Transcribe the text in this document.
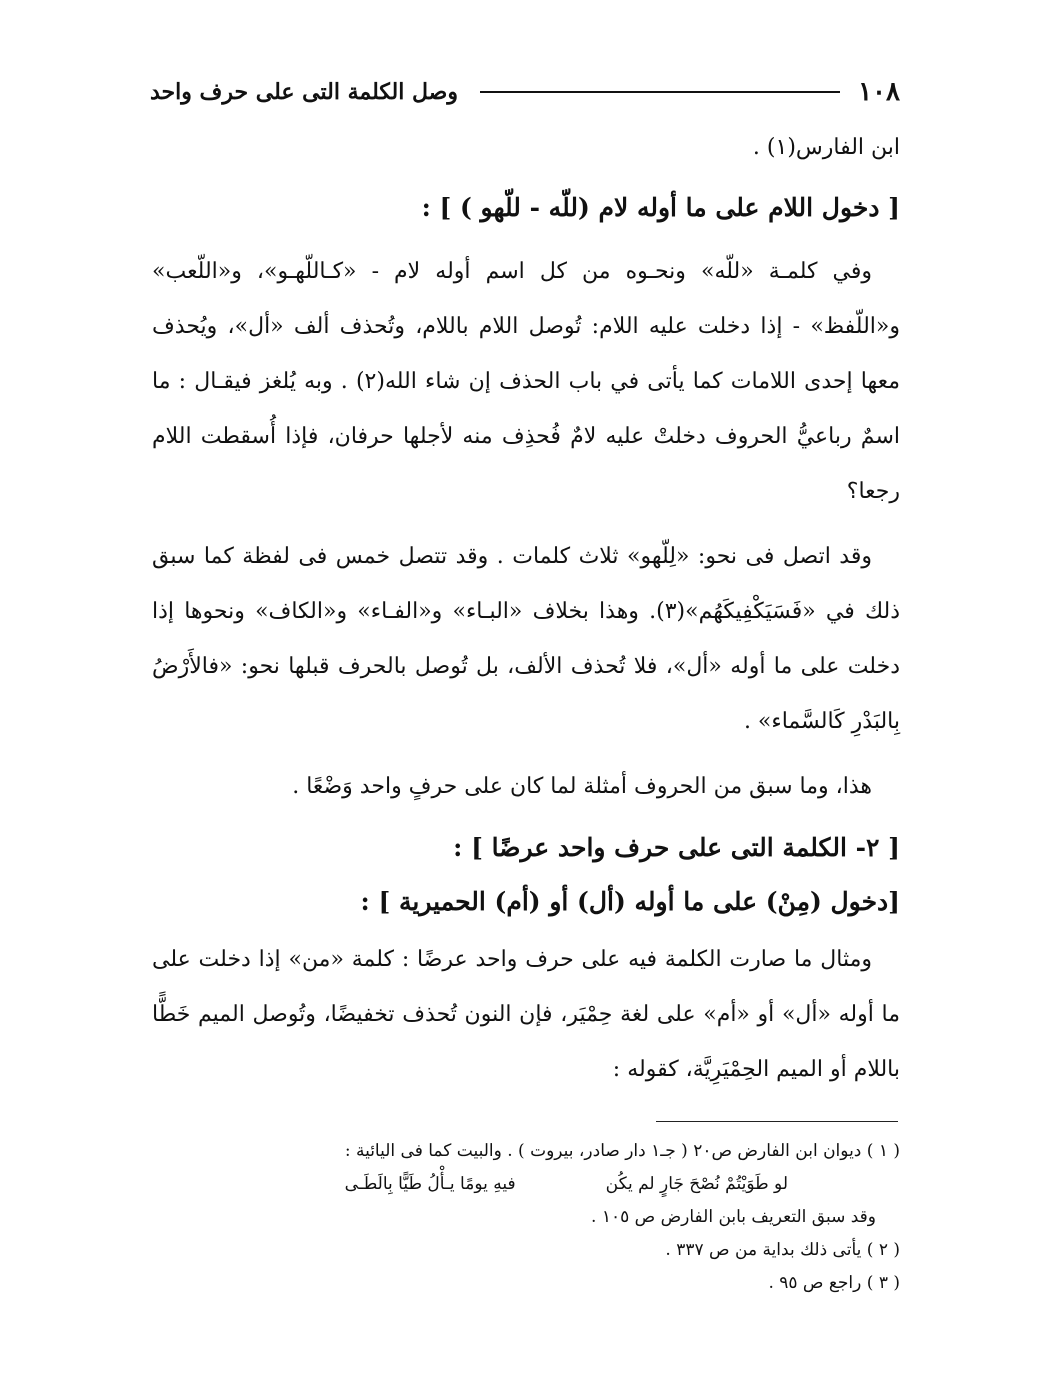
١٠٨
وصل الكلمة التى على حرف واحد

ابن الفارس(١) .

[ دخول اللام على ما أوله لام (للّه - للّهو ) ] :

وفي كلمـة «للّه» ونحـوه من كل اسم أوله لام - «كـاللّهـو»، و«اللّعب» و«اللّفظ» - إذا دخلت عليه اللام: تُوصل اللام باللام، وتُحذف ألف «أل»، ويُحذف معها إحدى اللامات كما يأتى في باب الحذف إن شاء الله(٢) . وبه يُلغز فيقـال : ما اسمٌ رباعيُّ الحروف دخلتْ عليه لامٌ فُحذِف منه لأجلها حرفان، فإذا أُسقطت اللام رجعا؟

وقد اتصل فى نحو: «لِلّهو» ثلاث كلمات . وقد تتصل خمس فى لفظة كما سبق ذلك في «فَسَيَكْفِيكَهُم»(٣). وهذا بخلاف «البـاء» و«الفـاء» و«الكاف» ونحوها إذا دخلت على ما أوله «أل»، فلا تُحذف الألف، بل تُوصل بالحرف قبلها نحو: «فالأَرْضُ بِالبَدْرِ كَالسَّماء» .

هذا، وما سبق من الحروف أمثلة لما كان على حرفٍ واحد وَضْعًا .

[ ٢- الكلمة التى على حرف واحد عرضًا ] :
[دخول (مِنْ) على ما أوله (أل) أو (أم) الحميرية ] :

ومثال ما صارت الكلمة فيه على حرف واحد عرضًا : كلمة «من» إذا دخلت على ما أوله «أل» أو «أم» على لغة حِمْيَر، فإن النون تُحذف تخفيضًا، وتُوصل الميم خَطًّا باللام أو الميم الحِمْيَرِيَّة، كقوله :

( ١ ) ديوان ابن الفارض ص٢٠ ( جـ١ دار صادر، بيروت ) . والبيت كما فى اليائية :

لو طَوَيْتُمْ نُصْحَ جَارٍ لم يكُن
فيهِ يومًا يـأْلُ طَيًّا بِالَطَـى

وقد سبق التعريف بابن الفارض ص ١٠٥ .

( ٢ ) يأتى ذلك بداية من ص ٣٣٧ .

( ٣ ) راجع ص ٩٥ .
